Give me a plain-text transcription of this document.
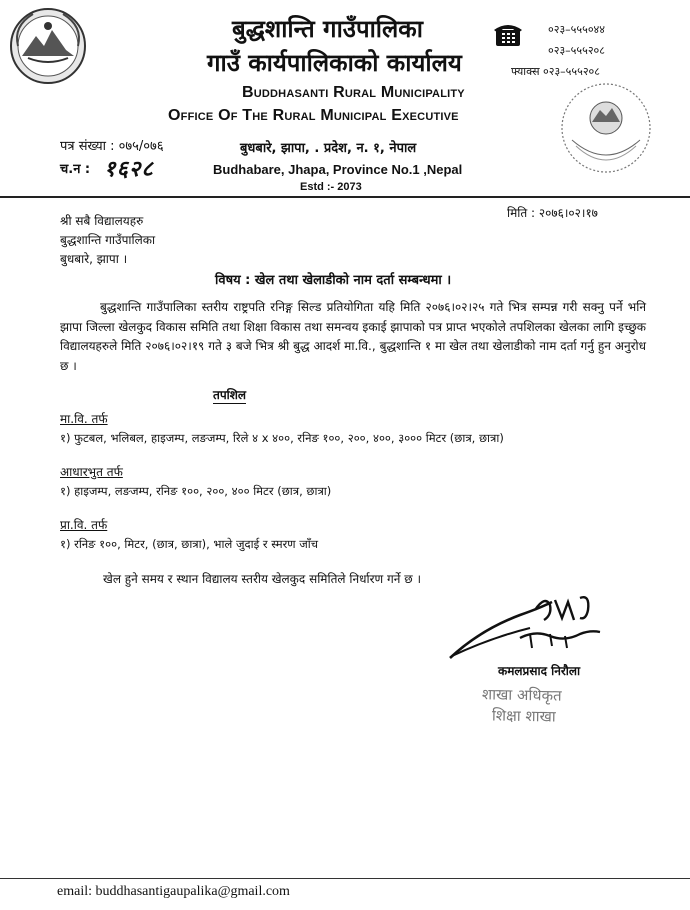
बुद्धशान्ति गाउँपालिका
गाउँ कार्यपालिकाको कार्यालय
Buddhasanti Rural Municipality
Office Of The Rural Municipal Executive
०२३–५५५०४४
०२३–५५५२०८
फ्याक्स ०२३–५५५२०८
पत्र संख्या : ०७५/०७६
च.न : १६२८
बुधबारे, झापा, . प्रदेश, न. १, नेपाल
Budhabare, Jhapa, Province No.1 ,Nepal
Estd :- 2073
मिति : २०७६।०२।१७
श्री सबै विद्यालयहरु
बुद्धशान्ति गाउँपालिका
बुधबारे, झापा ।
विषय : खेल तथा खेलाडीको नाम दर्ता सम्बन्धमा ।
बुद्धशान्ति गाउँपालिका स्तरीय राष्ट्रपति रनिङ्ग सिल्ड प्रतियोगिता यहि मिति २०७६।०२।२५ गते भित्र सम्पन्न गरी सक्नु पर्ने भनि झापा जिल्ला खेलकुद विकास समिति तथा शिक्षा विकास तथा समन्वय इकाई झापाको पत्र प्राप्त भएकोले तपशिलका खेलका लागि इच्छुक विद्यालयहरुले मिति २०७६।०२।१९ गते ३ बजे भित्र श्री बुद्ध आदर्श मा.वि., बुद्धशान्ति १ मा खेल तथा खेलाडीको नाम दर्ता गर्नु हुन अनुरोध छ ।
तपशिल
मा.वि. तर्फ
१) फुटबल, भलिबल, हाइजम्प, लङजम्प, रिले ४ x ४००, रनिङ १००, २००, ४००, ३००० मिटर (छात्र, छात्रा)
आधारभुत तर्फ
१) हाइजम्प, लङजम्प, रनिङ १००, २००, ४०० मिटर (छात्र, छात्रा)
प्रा.वि. तर्फ
१) रनिङ १००, मिटर, (छात्र, छात्रा), भाले जुदाई र स्मरण जाँच
खेल हुने समय र स्थान विद्यालय स्तरीय खेलकुद समितिले निर्धारण गर्ने छ ।
कमलप्रसाद निरौला
शाखा अधिकृत
शिक्षा शाखा
email: buddhasantigaupalika@gmail.com
